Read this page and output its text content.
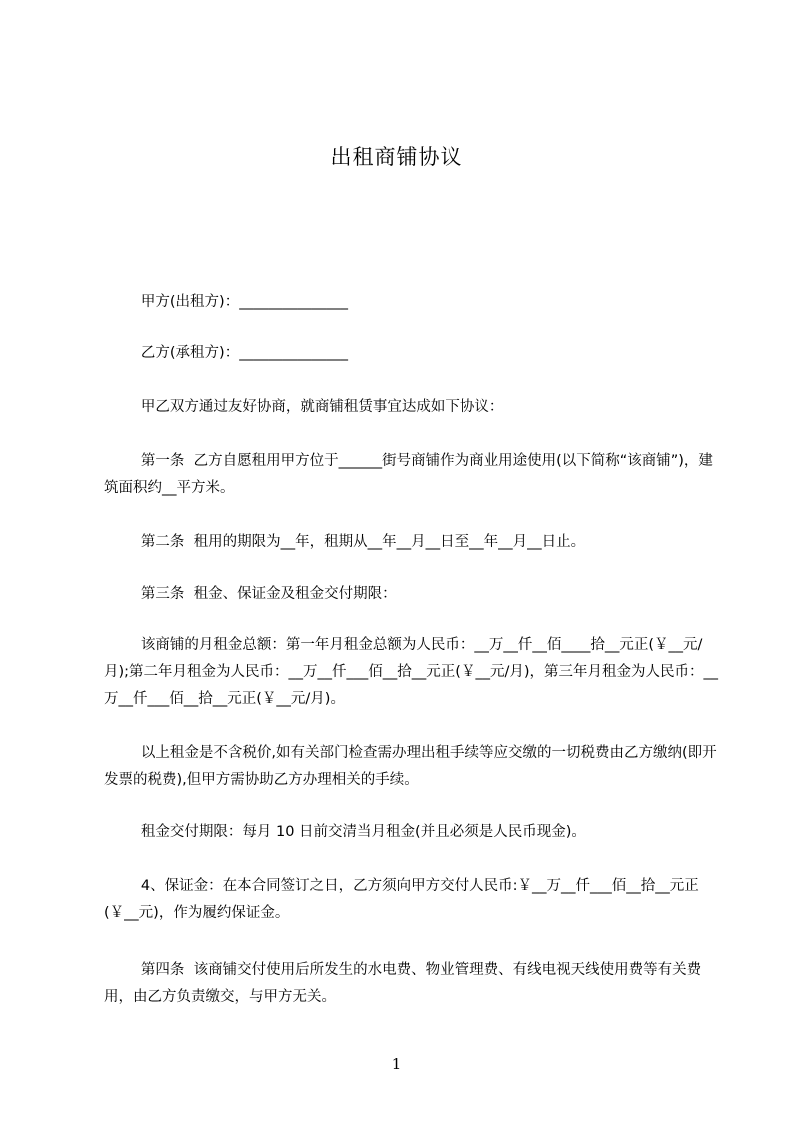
出租商铺协议
甲方(出租方)：_______________
乙方(承租方)：_______________
甲乙双方通过友好协商，就商铺租赁事宜达成如下协议：
第一条  乙方自愿租用甲方位于______街号商铺作为商业用途使用(以下简称“该商铺”)，建筑面积约__平方米。
第二条  租用的期限为__年，租期从__年__月__日至__年__月__日止。
第三条  租金、保证金及租金交付期限：
该商铺的月租金总额：第一年月租金总额为人民币：__万__仟__佰____拾__元正(￥__元/月);第二年月租金为人民币：__万__仟___佰__拾__元正(￥__元/月)，第三年月租金为人民币：__万__仟___佰__拾__元正(￥__元/月)。
以上租金是不含税价,如有关部门检查需办理出租手续等应交缴的一切税费由乙方缴纳(即开发票的税费),但甲方需协助乙方办理相关的手续。
租金交付期限：每月 10 日前交清当月租金(并且必须是人民币现金)。
4、保证金：在本合同签订之日，乙方须向甲方交付人民币:￥__万__仟___佰__拾__元正(￥__元)，作为履约保证金。
第四条  该商铺交付使用后所发生的水电费、物业管理费、有线电视天线使用费等有关费用，由乙方负责缴交，与甲方无关。
1
